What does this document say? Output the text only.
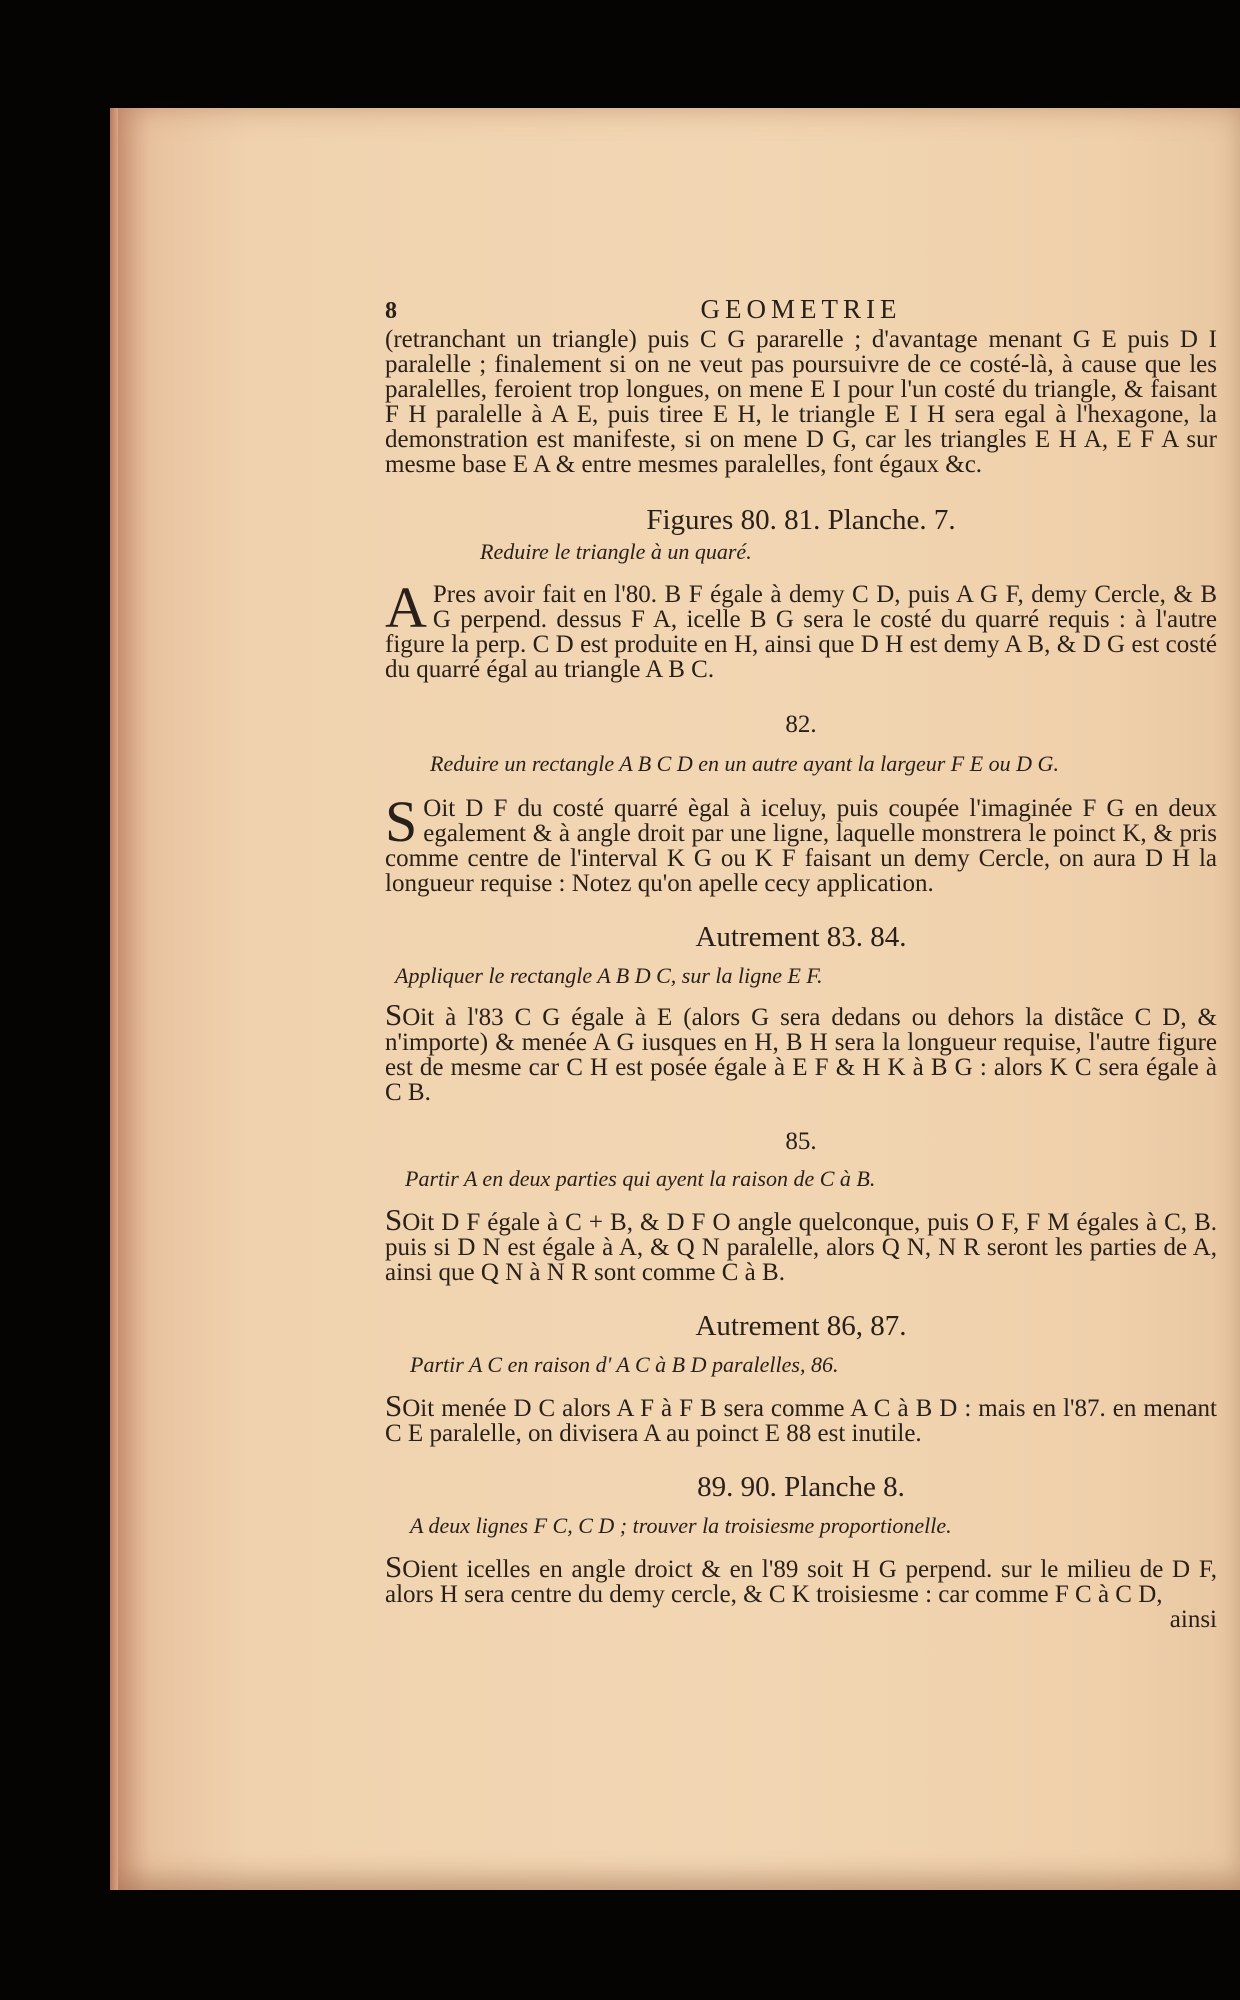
8	GEOMETRIE

(retranchant un triangle) puis C G pararelle ; d'avantage menant G E puis D I paralelle ; finalement si on ne veut pas poursuivre de ce costé-là, à cause que les paralelles, feroient trop longues, on mene E I pour l'un costé du triangle, & faisant F H paralelle à A E, puis tiree E H, le triangle E I H sera egal à l'hexagone, la demonstration est manifeste, si on mene D G, car les triangles E H A, E F A sur mesme base E A & entre mesmes paralelles, font égaux &c.

Figures 80. 81. Planche. 7.
Reduire le triangle à un quaré.

A Pres avoir fait en l'80. B F égale à demy C D, puis A G F, demy Cercle, & B G perpend. dessus F A, icelle B G sera le costé du quarré requis : à l'autre figure la perp. C D est produite en H, ainsi que D H est demy A B, & D G est costé du quarré égal au triangle A B C.

82.
Reduire un rectangle A B C D en un autre ayant la largeur F E ou D G.

S Oit D F du costé quarré ègal à iceluy, puis coupée l'imaginée F G en deux egalement & à angle droit par une ligne, laquelle monstrera le poinct K, & pris comme centre de l'interval K G ou K F faisant un demy Cercle, on aura D H la longueur requise : Notez qu'on apelle cecy application.

Autrement 83. 84.
Appliquer le rectangle A B D C, sur la ligne E F.

SOit à l'83 C G égale à E (alors G sera dedans ou dehors la distãce C D, & n'importe) & menée A G iusques en H, B H sera la longueur requise, l'autre figure est de mesme car C H est posée égale à E F & H K à B G : alors K C sera égale à C B.

85.
Partir A en deux parties qui ayent la raison de C à B.

SOit D F égale à C + B, & D F O angle quelconque, puis O F, F M égales à C, B. puis si D N est égale à A, & Q N paralelle, alors Q N, N R seront les parties de A, ainsi que Q N à N R sont comme C à B.

Autrement 86, 87.
Partir A C en raison d' A C à B D paralelles, 86.

SOit menée D C alors A F à F B sera comme A C à B D : mais en l'87. en menant C E paralelle, on divisera A au poinct E 88 est inutile.

89. 90. Planche 8.
A deux lignes F C, C D ; trouver la troisiesme proportionelle.

SOient icelles en angle droict & en l'89 soit H G perpend. sur le milieu de D F, alors H sera centre du demy cercle, & C K troisiesme : car comme F C à C D,

ainsi
